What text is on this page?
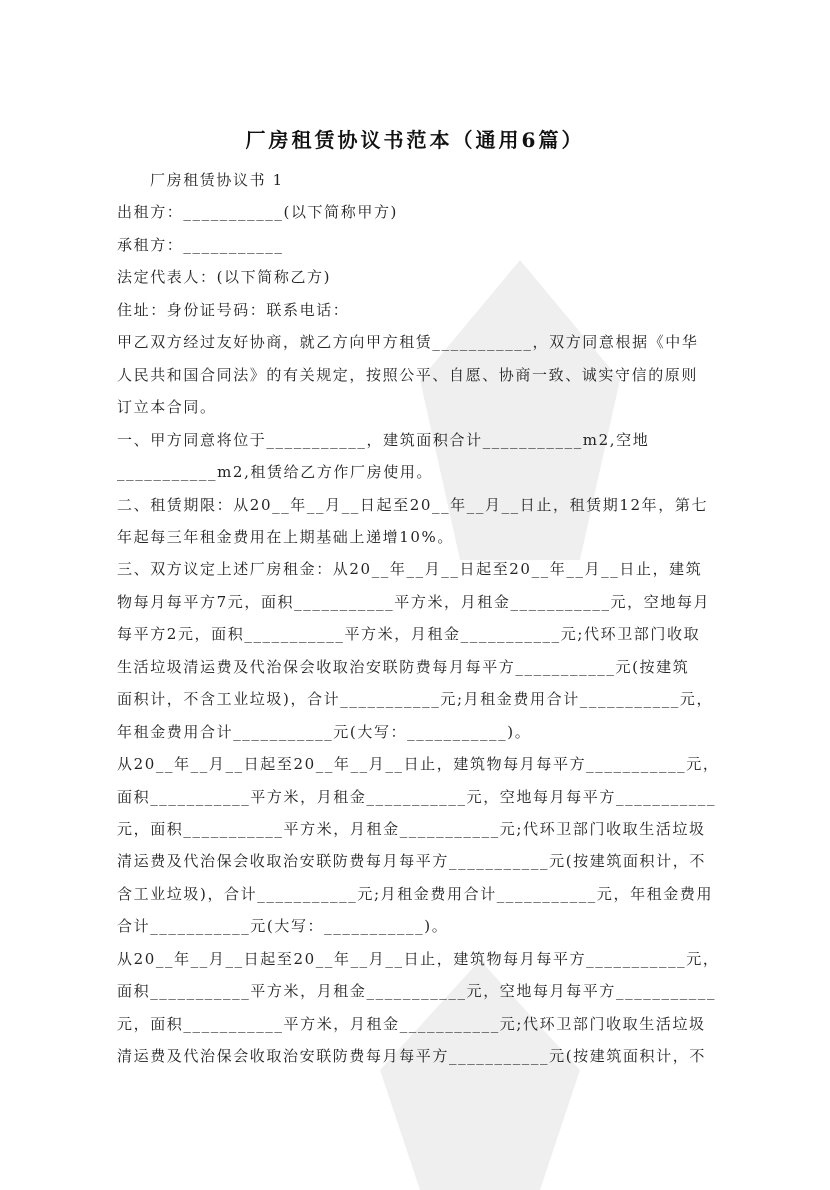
厂房租赁协议书范本（通用6篇）
厂房租赁协议书 1
出租方：___________(以下简称甲方)
承租方：___________
法定代表人：(以下简称乙方)
住址：身份证号码：联系电话：
甲乙双方经过友好协商，就乙方向甲方租赁___________，双方同意根据《中华
人民共和国合同法》的有关规定，按照公平、自愿、协商一致、诚实守信的原则
订立本合同。
一、甲方同意将位于___________，建筑面积合计___________m2,空地
___________m2,租赁给乙方作厂房使用。
二、租赁期限：从20__年__月__日起至20__年__月__日止，租赁期12年，第七
年起每三年租金费用在上期基础上递增10%。
三、双方议定上述厂房租金：从20__年__月__日起至20__年__月__日止，建筑
物每月每平方7元，面积___________平方米，月租金___________元，空地每月
每平方2元，面积___________平方米，月租金___________元;代环卫部门收取
生活垃圾清运费及代治保会收取治安联防费每月每平方___________元(按建筑
面积计，不含工业垃圾)，合计___________元;月租金费用合计___________元，
年租金费用合计___________元(大写：___________)。
从20__年__月__日起至20__年__月__日止，建筑物每月每平方___________元，
面积___________平方米，月租金___________元，空地每月每平方___________
元，面积___________平方米，月租金___________元;代环卫部门收取生活垃圾
清运费及代治保会收取治安联防费每月每平方___________元(按建筑面积计，不
含工业垃圾)，合计___________元;月租金费用合计___________元，年租金费用
合计___________元(大写：___________)。
从20__年__月__日起至20__年__月__日止，建筑物每月每平方___________元，
面积___________平方米，月租金___________元，空地每月每平方___________
元，面积___________平方米，月租金___________元;代环卫部门收取生活垃圾
清运费及代治保会收取治安联防费每月每平方___________元(按建筑面积计，不
